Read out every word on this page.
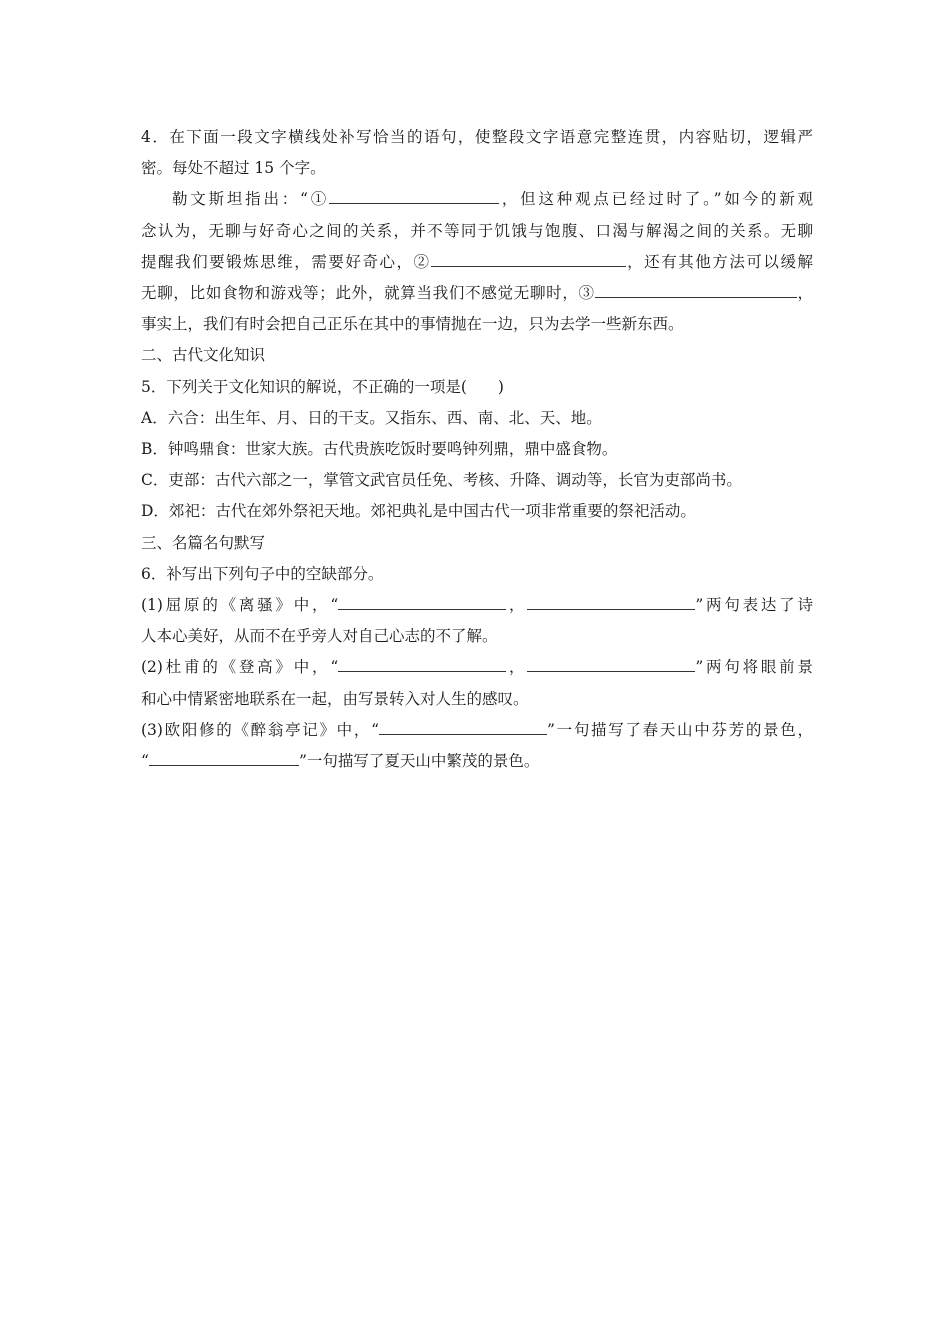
4．在下面一段文字横线处补写恰当的语句，使整段文字语意完整连贯，内容贴切，逻辑严
密。每处不超过 15 个字。
勒文斯坦指出：“①	，但这种观点已经过时了。”如今的新观
念认为，无聊与好奇心之间的关系，并不等同于饥饿与饱腹、口渴与解渴之间的关系。无聊
提醒我们要锻炼思维，需要好奇心，②	，还有其他方法可以缓解
无聊，比如食物和游戏等；此外，就算当我们不感觉无聊时，③	，
事实上，我们有时会把自己正乐在其中的事情抛在一边，只为去学一些新东西。
二、古代文化知识
5．下列关于文化知识的解说，不正确的一项是(　　)
A．六合：出生年、月、日的干支。又指东、西、南、北、天、地。
B．钟鸣鼎食：世家大族。古代贵族吃饭时要鸣钟列鼎，鼎中盛食物。
C．吏部：古代六部之一，掌管文武官员任免、考核、升降、调动等，长官为吏部尚书。
D．郊祀：古代在郊外祭祀天地。郊祀典礼是中国古代一项非常重要的祭祀活动。
三、名篇名句默写
6．补写出下列句子中的空缺部分。
(1)屈原的《离骚》中，“	，	”两句表达了诗
人本心美好，从而不在乎旁人对自己心志的不了解。
(2)杜甫的《登高》中，“	，	”两句将眼前景
和心中情紧密地联系在一起，由写景转入对人生的感叹。
(3)欧阳修的《醉翁亭记》中，“	”一句描写了春天山中芬芳的景色，
“	”一句描写了夏天山中繁茂的景色。
